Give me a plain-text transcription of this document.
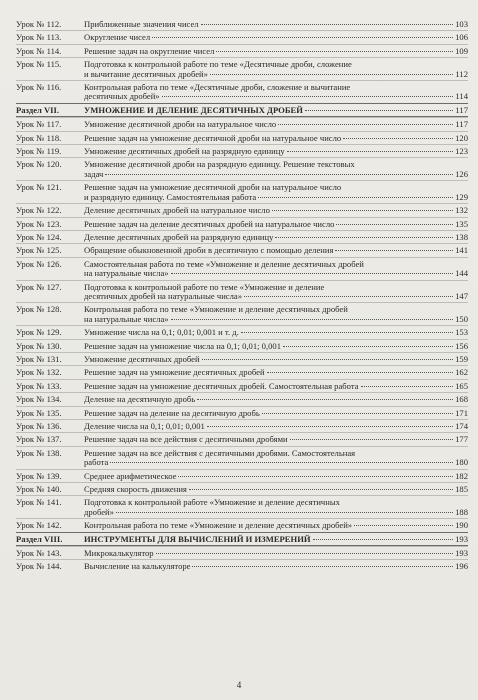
Урок № 112.	Приближенные значения чисел	103
Урок № 113.	Округление чисел	106
Урок № 114.	Решение задач на округление чисел	109
Урок № 115.	Подготовка к контрольной работе по теме «Десятичные дроби, сложение
и вычитание десятичных дробей»	112
Урок № 116.	Контрольная работа по теме «Десятичные дроби, сложение и вычитание
десятичных дробей»	114
Раздел VII.	УМНОЖЕНИЕ И ДЕЛЕНИЕ ДЕСЯТИЧНЫХ ДРОБЕЙ	117
Урок № 117.	Умножение десятичной дроби на натуральное число	117
Урок № 118.	Решение задач на умножение десятичной дроби на натуральное число	120
Урок № 119.	Умножение десятичных дробей на разрядную единицу	123
Урок № 120.	Умножение десятичной дроби на разрядную единицу. Решение текстовых
задач	126
Урок № 121.	Решение задач на умножение десятичной дроби на натуральное число
и разрядную единицу. Самостоятельная работа	129
Урок № 122.	Деление десятичных дробей на натуральное число	132
Урок № 123.	Решение задач на деление десятичных дробей на натуральное число	135
Урок № 124.	Деление десятичных дробей на разрядную единицу	138
Урок № 125.	Обращение обыкновенной дроби в десятичную с помощью деления	141
Урок № 126.	Самостоятельная работа по теме «Умножение и деление десятичных дробей
на натуральные числа»	144
Урок № 127.	Подготовка к контрольной работе по теме «Умножение и деление
десятичных дробей на натуральные числа»	147
Урок № 128.	Контрольная работа по теме «Умножение и деление десятичных дробей
на натуральные числа»	150
Урок № 129.	Умножение числа на 0,1; 0,01; 0,001 и т. д.	153
Урок № 130.	Решение задач на умножение числа на 0,1; 0,01; 0,001	156
Урок № 131.	Умножение десятичных дробей	159
Урок № 132.	Решение задач на умножение десятичных дробей	162
Урок № 133.	Решение задач на умножение десятичных дробей. Самостоятельная работа	165
Урок № 134.	Деление на десятичную дробь	168
Урок № 135.	Решение задач на деление на десятичную дробь	171
Урок № 136.	Деление числа на 0,1; 0,01; 0,001	174
Урок № 137.	Решение задач на все действия с десятичными дробями	177
Урок № 138.	Решение задач на все действия с десятичными дробями. Самостоятельная
работа	180
Урок № 139.	Среднее арифметическое	182
Урок № 140.	Средняя скорость движения	185
Урок № 141.	Подготовка к контрольной работе «Умножение и деление десятичных
дробей»	188
Урок № 142.	Контрольная работа по теме «Умножение и деление десятичных дробей»	190
Раздел VIII.	ИНСТРУМЕНТЫ ДЛЯ ВЫЧИСЛЕНИЙ И ИЗМЕРЕНИЙ	193
Урок № 143.	Микрокалькулятор	193
Урок № 144.	Вычисление на калькуляторе	196
4
